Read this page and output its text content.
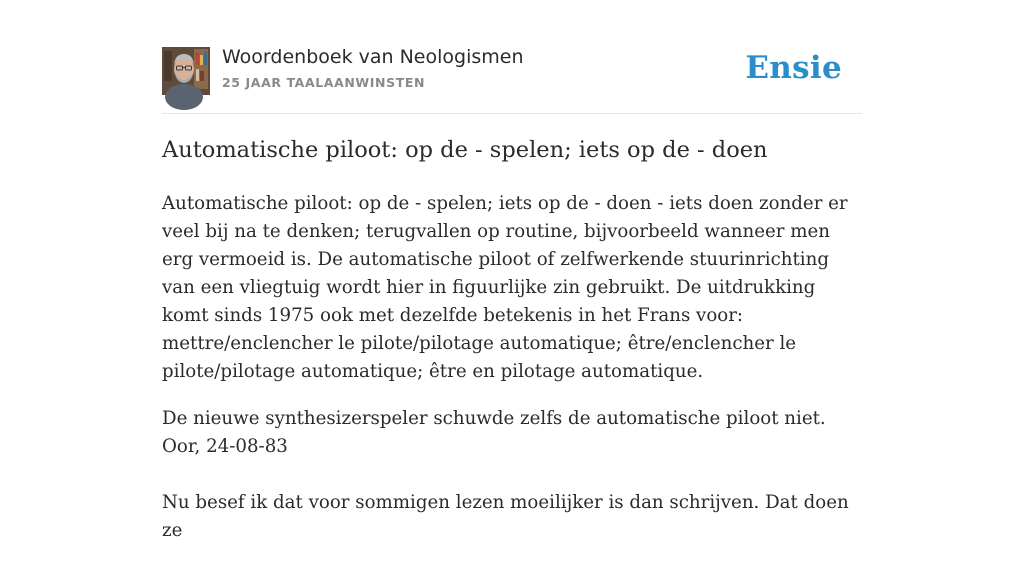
Woordenboek van Neologismen
25 JAAR TAALAANWINSTEN	Ensie
Automatische piloot: op de - spelen; iets op de - doen

Automatische piloot: op de - spelen; iets op de - doen - iets doen zonder er veel bij na te denken; terugvallen op routine, bijvoorbeeld wanneer men erg vermoeid is. De automatische piloot of zelfwerkende stuurinrichting van een vliegtuig wordt hier in figuurlijke zin gebruikt. De uitdrukking komt sinds 1975 ook met dezelfde betekenis in het Frans voor: mettre/enclencher le pilote/pilotage automatique; être/enclencher le pilote/pilotage automatique; être en pilotage automatique.

De nieuwe synthesizerspeler schuwde zelfs de automatische piloot niet. Oor, 24-08-83

Nu besef ik dat voor sommigen lezen moeilijker is dan schrijven. Dat doen ze
